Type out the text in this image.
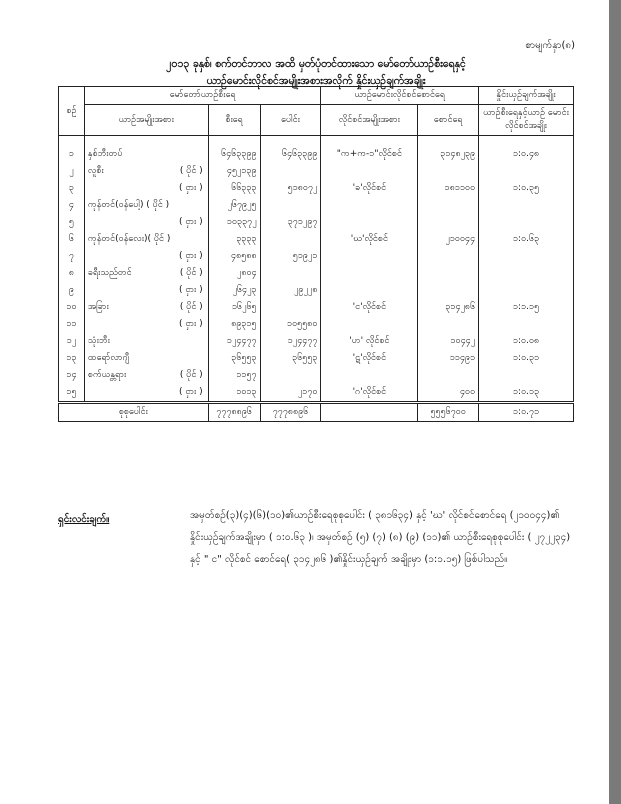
စာမျက်နှာ(၈)
၂၀၁၃ ခုနှစ်၊ စက်တင်ဘာလ အထိ မှတ်ပုံတင်ထားသော မော်တော်ယာဉ်စီးရေနှင့်
ယာဉ်မောင်းလိုင်စင်အမျိုးအစားအလိုက် နှိုင်းယှဉ်ချက်အချိုး
စဉ်	မော်တော်ယာဉ်စီးရေ			ယာဉ်မောင်းလိုင်စင်စောင်ရေ		နှိုင်းယှဉ်ချက်အချိုး
	ယာဉ်အမျိုးအစား	စီးရေ	ပေါင်း	လိုင်စင်အမျိုးအစား	စောင်ရေ	ယာဉ်စီးရေနှင့်ယာဉ် မောင်းလိုင်စင်အချိုး
၁	နှစ်ဘီးတပ်	၆၄၆၃၃၉၉	၆၄၆၃၃၉၉	"က+က-၁"လိုင်စင်	၃၁၄၈၂၃၉	၁:၀.၄၈
၂	လူစီး ( ပိုင် )	၄၅၂၁၃၉				
၃	( ငှား )	၆၆၃၃၃	၅၁၈၀၇၂	'ခ'လိုင်စင်	၁၈၁၁၀၀	၁:၀.၃၅
၄	ကုန်တင်(ဝန်ပေါ့) ( ပိုင် )	၂၆၇၉၂၅				
၅	( ငှား )	၁၀၃၃၇၂	၃၇၁၂၉၇			
၆	ကုန်တင်(ဝန်လေး)( ပိုင် )	၃၃၃၃		'ဃ'လိုင်စင်	၂၁၀၀၄၄	၁:၀.၆၃
၇	( ငှား )	၄၈၅၈၈	၅၁၉၂၁			
၈	ခရီးသည်တင် ( ပိုင် )	၂၈၀၄				
၉	( ငှား )	၂၆၄၂၃	၂၉၂၂၈			
၁၀	အခြား ( ပိုင် )	၁၆၂၆၅		'င'လိုင်စင်	၃၁၄၂၈၆	၁:၁.၁၅
၁၁	( ငှား )	၈၉၃၁၅	၁၀၅၅၈၀			
၁၂	သုံးဘီး	၁၂၄၄၇၇	၁၂၄၄၇၇	'ဟ' လိုင်စင်	၁၀၄၄၂	၁:၀.၀၈
၁၃	ထရော်လာဂျီ	၃၆၅၅၃	၃၆၅၅၃	'ဋ'လိုင်စင်	၁၁၄၉၁	၁:၀.၃၁
၁၄	စက်ယန္တရား ( ပိုင် )	၁၁၅၇				
၁၅	( ငှား )	၁၀၁၃	၂၁၇၀	'ဂ'လိုင်စင်	၄၀၀	၁:၀.၁၃
စုစုပေါင်း		၇၇၇၈၈၉၆	၇၇၇၈၈၉၆		၅၅၅၆၇၀၀	၁:၀.၇၁
ရှင်းလင်းချက်။	အမှတ်စဉ်(၃)(၄)(၆)(၁၀)၏ယာဉ်စီးရေစုစုပေါင်း ( ၃၈၁၆၃၄) နှင့် 'ဃ' လိုင်စင်စောင်ရေ (၂၁၀၀၄၄)၏ နှိုင်းယှဉ်ချက်အချိုးမှာ ( ၁:၀.၆၃ )၊ အမှတ်စဉ် (၅) (၇) (၈) (၉) (၁၁)၏ ယာဉ်စီးရေစုစုပေါင်း ( ၂၇၂၂၃၄) နှင့် " င" လိုင်စင် စောင်ရေ( ၃၁၄၂၈၆ )၏နှိုင်းယှဉ်ချက် အချိုးမှာ (၁:၁.၁၅) ဖြစ်ပါသည်။
